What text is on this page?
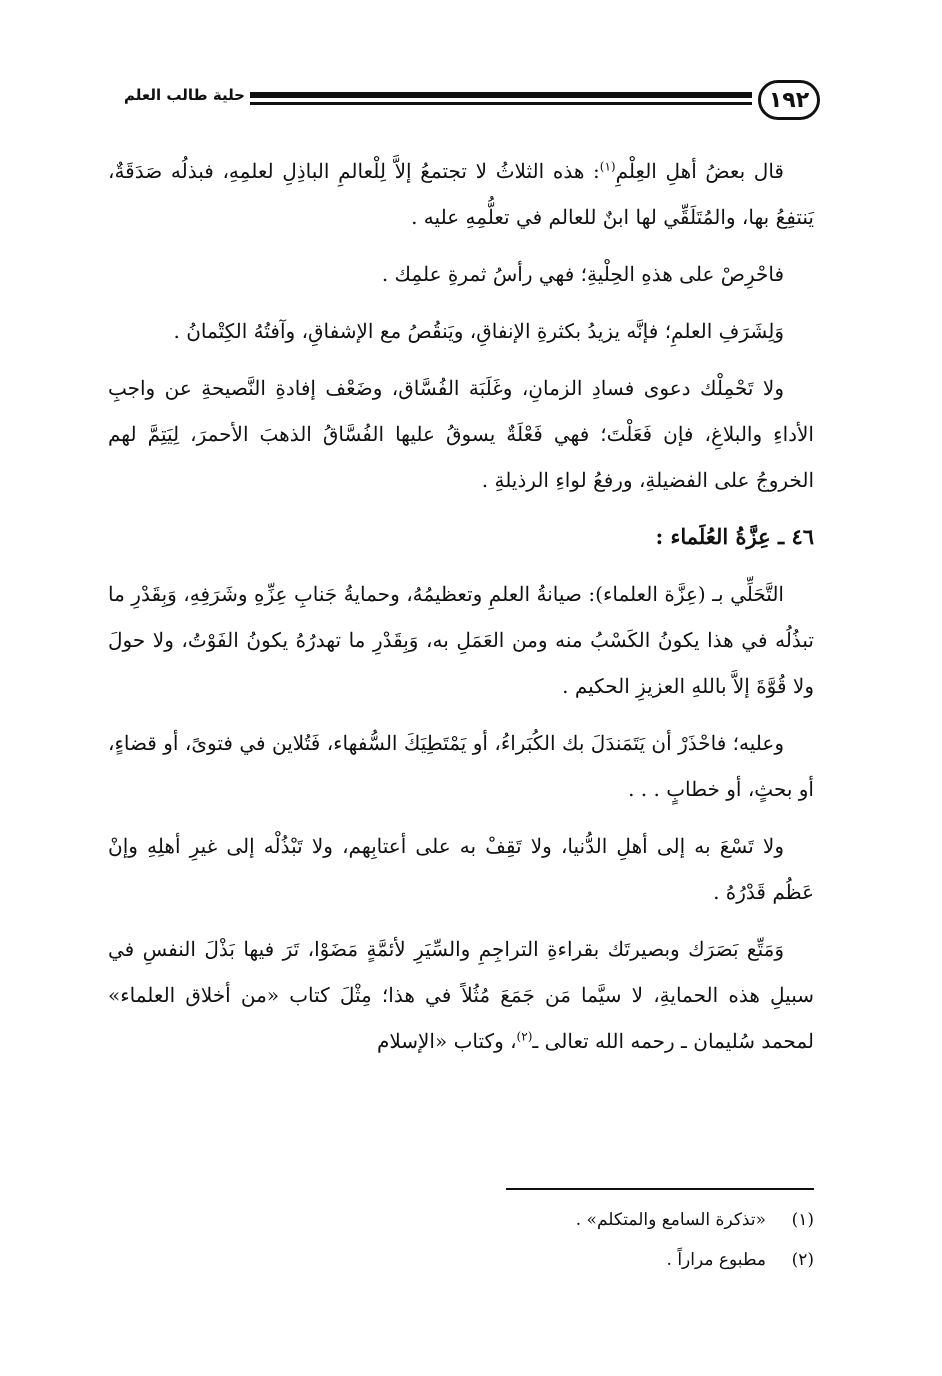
١٩٢
حلية طالب العلم

قال بعضُ أهلِ العِلْمِ$^{(١)}$: هذه الثلاثُ لا تجتمعُ إلاَّ لِلْعالمِ الباذِلِ لعلمِهِ، فبذلُه صَدَقَةٌ، يَنتفِعُ بها، والمُتَلَقِّي لها ابنٌ للعالم في تعلُّمِهِ عليه .

فاحْرِصْ على هذهِ الحِلْيةِ؛ فهي رأسُ ثمرةِ علمِك .

وَلِشَرَفِ العلمِ؛ فإنَّه يزيدُ بكثرةِ الإنفاقِ، ويَنقُصُ مع الإشفاقِ، وآفتُهُ الكِتْمانُ .

ولا تَحْمِلْك دعوى فسادِ الزمانِ، وغَلَبَة الفُسَّاق، وضَعْف إفادةِ النَّصيحةِ عن واجبِ الأداءِ والبلاغِ، فإن فَعَلْتَ؛ فهي فَعْلَةٌ يسوقُ عليها الفُسَّاقُ الذهبَ الأحمرَ، لِيَتِمَّ لهم الخروجُ على الفضيلةِ، ورفعُ لواءِ الرذيلةِ .

٤٦ ـ عِزَّةُ العُلَماء :

التَّحَلِّي بـ (عِزَّة العلماء): صيانةُ العلمِ وتعظيمُهُ، وحمايةُ جَنابِ عِزِّهِ وشَرَفِهِ، وَبِقَدْرِ ما تبذُلُه في هذا يكونُ الكَسْبُ منه ومن العَمَلِ به، وَبِقَدْرِ ما تهدرُهُ يكونُ الفَوْتُ، ولا حولَ ولا قُوَّةَ إلاَّ باللهِ العزيزِ الحكيم .

وعليه؛ فاحْذَرْ أن يَتَمَندَلَ بك الكُبَراءُ، أو يَمْتَطِيَكَ السُّفهاء، فَتُلاين في فتوىً، أو قضاءٍ، أو بحثٍ، أو خطابٍ . . .

ولا تَسْعَ به إلى أهلِ الدُّنيا، ولا تَقِفْ به على أعتابِهم، ولا تَبْذُلْه إلى غيرِ أهلِهِ وإنْ عَظُم قَدْرُهُ .

وَمَتِّع بَصَرَك وبصيرتَك بقراءةِ التراجِمِ والسِّيَرِ لأئمَّةٍ مَضَوْا، تَرَ فيها بَذْلَ النفسِ في سبيلِ هذه الحمايةِ، لا سيَّما مَن جَمَعَ مُثُلاً في هذا؛ مِثْلَ كتاب «من أخلاق العلماء» لمحمد سُليمان ـ رحمه الله تعالى ـ$^{(٢)}$، وكتاب «الإسلام

(١)
«تذكرة السامع والمتكلم» .
(٢)
مطبوع مراراً .
